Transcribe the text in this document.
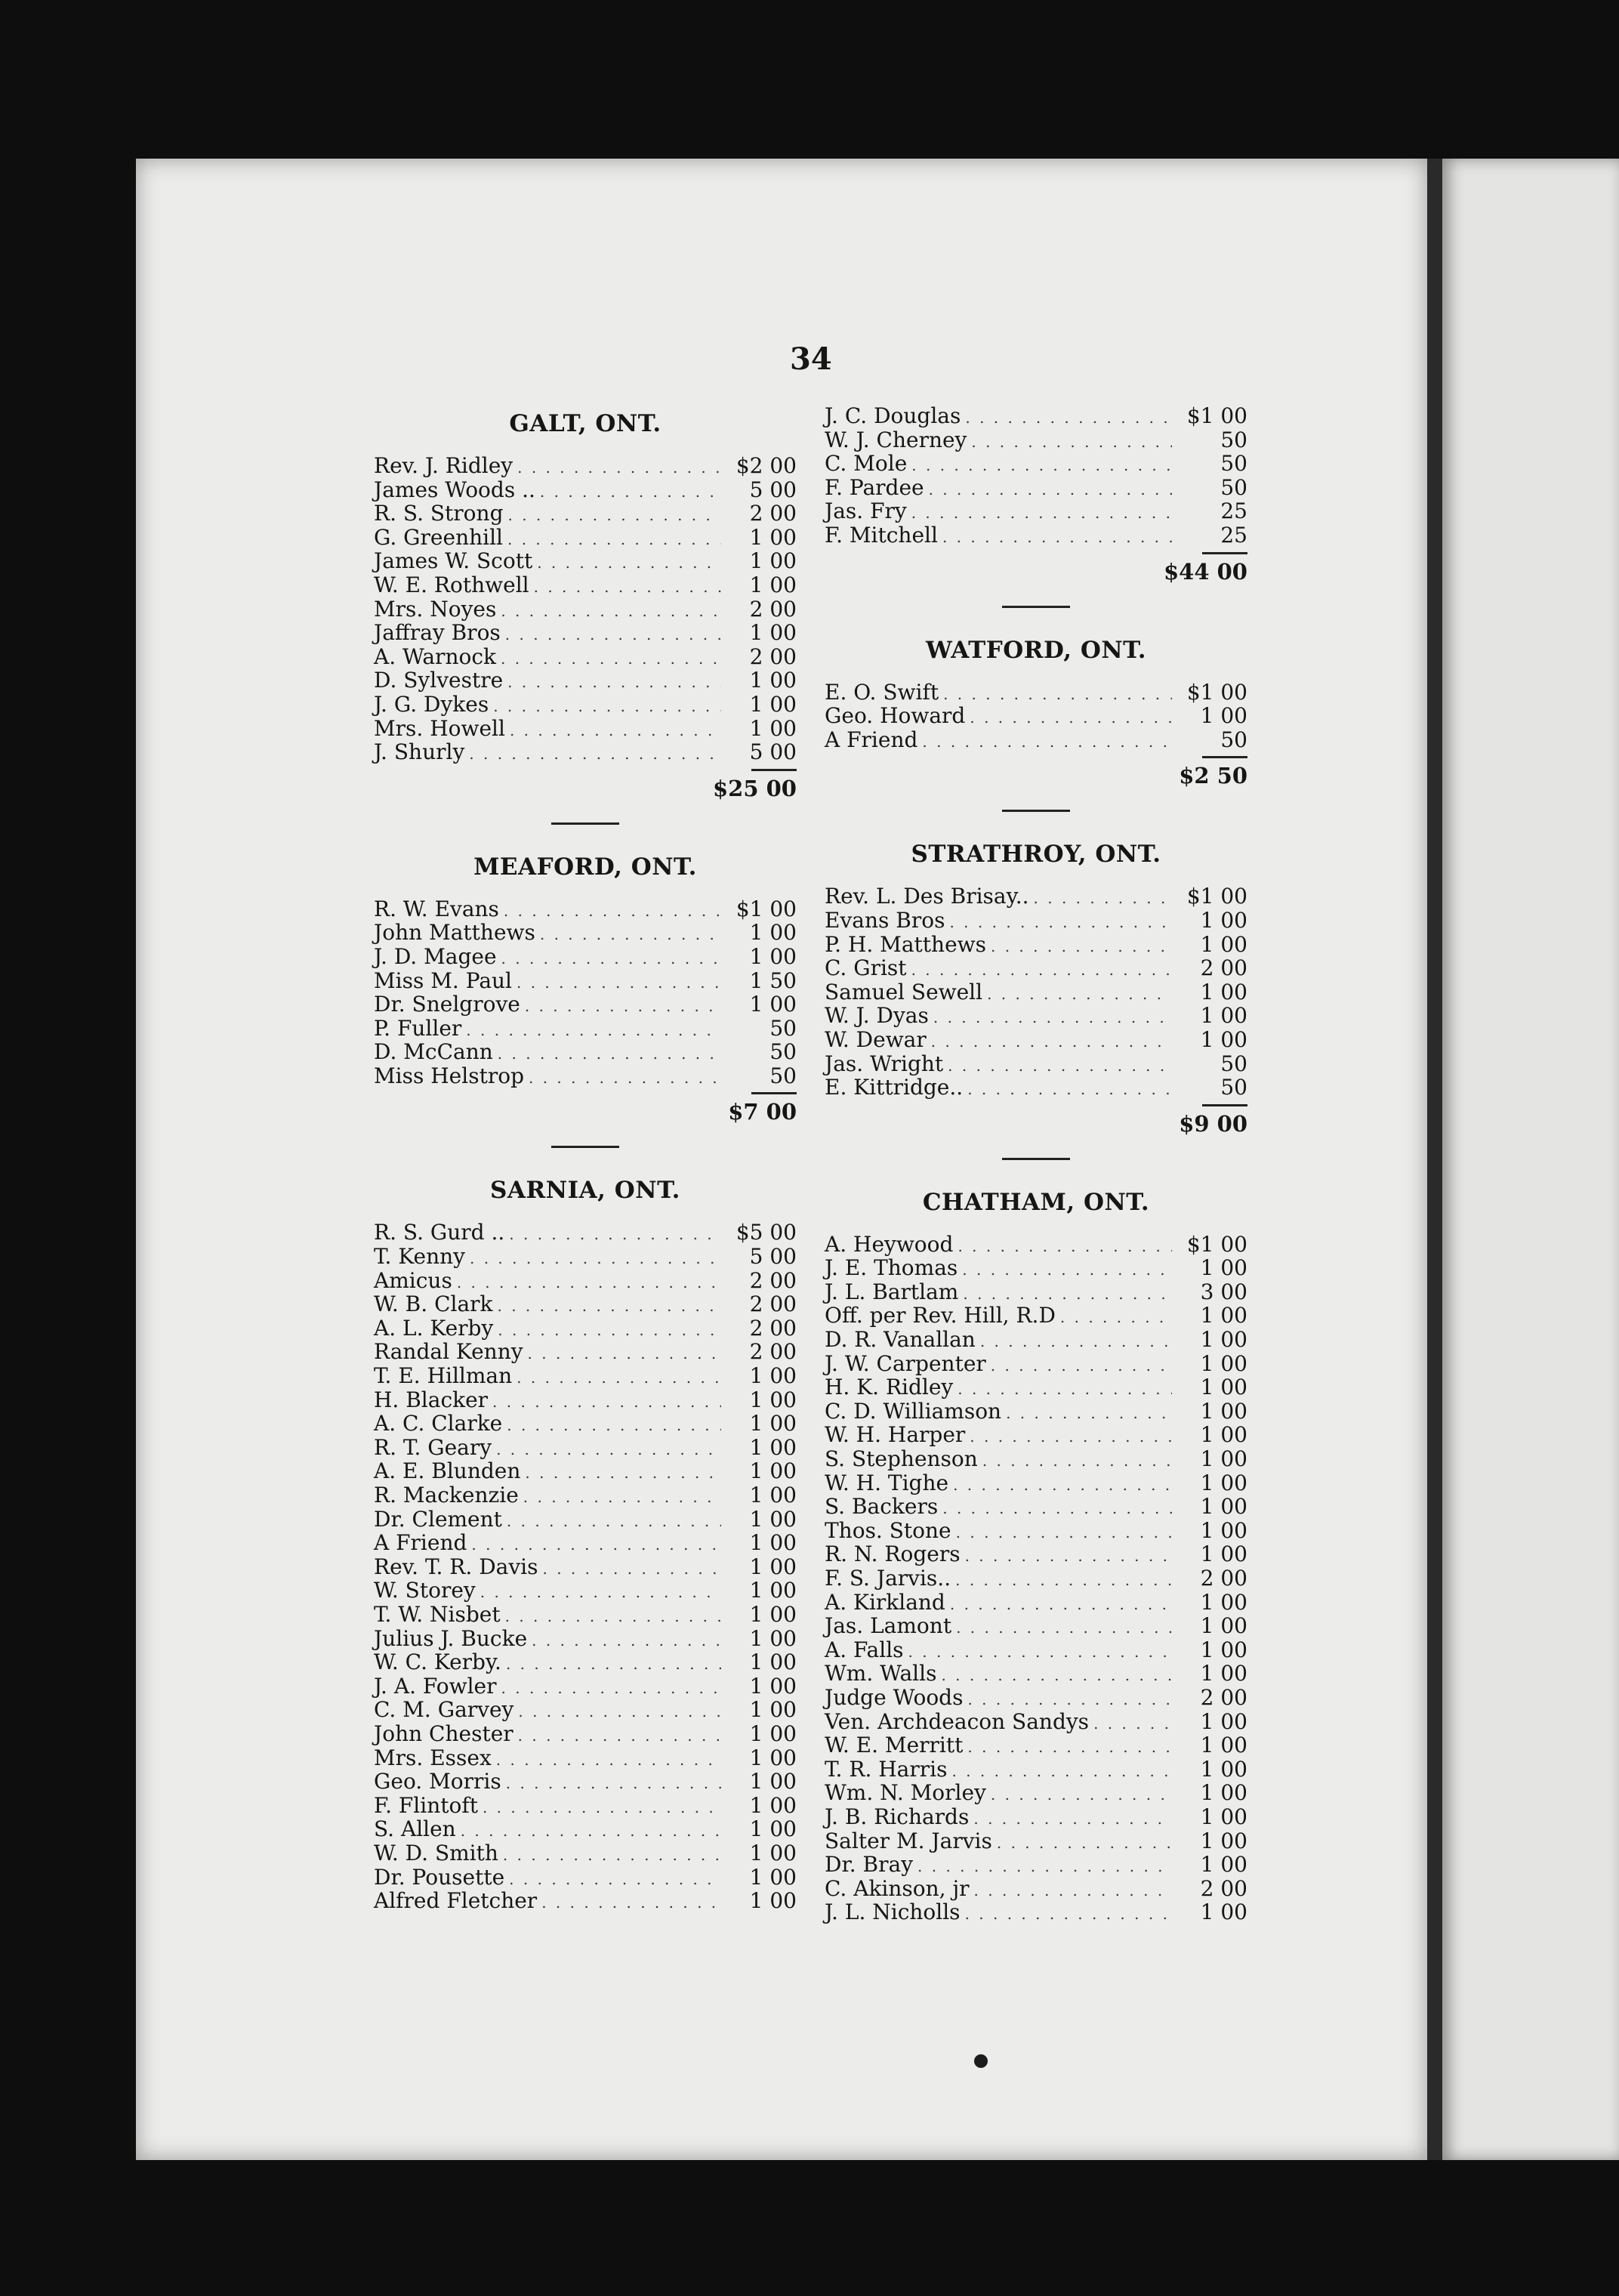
34
GALT, ONT.
Rev. J. Ridley . . .	$2 00
James Woods .. . . .	5 00
R. S. Strong . . .	2 00
G. Greenhill . . .	1 00
James W. Scott . . .	1 00
W. E. Rothwell . . .	1 00
Mrs. Noyes . . .	2 00
Jaffray Bros . . .	1 00
A. Warnock . . .	2 00
D. Sylvestre . . .	1 00
J. G. Dykes . . .	1 00
Mrs. Howell . . .	1 00
J. Shurly . . .	5 00
$25 00
MEAFORD, ONT.
R. W. Evans . . .	$1 00
John Matthews . . .	1 00
J. D. Magee . . .	1 00
Miss M. Paul . . .	1 50
Dr. Snelgrove . . .	1 00
P. Fuller . . .	50
D. McCann . . .	50
Miss Helstrop . . .	50
$7 00
SARNIA, ONT.
R. S. Gurd .. . . .	$5 00
T. Kenny . . .	5 00
Amicus . . .	2 00
W. B. Clark . . .	2 00
A. L. Kerby . . .	2 00
Randal Kenny . . .	2 00
T. E. Hillman . . .	1 00
H. Blacker . . .	1 00
A. C. Clarke . . .	1 00
R. T. Geary . . .	1 00
A. E. Blunden . . .	1 00
R. Mackenzie . . .	1 00
Dr. Clement . . .	1 00
A Friend . . .	1 00
Rev. T. R. Davis . . .	1 00
W. Storey . . .	1 00
T. W. Nisbet . . .	1 00
Julius J. Bucke . . .	1 00
W. C. Kerby. . . .	1 00
J. A. Fowler . . .	1 00
C. M. Garvey . . .	1 00
John Chester . . .	1 00
Mrs. Essex . . .	1 00
Geo. Morris . . .	1 00
F. Flintoft . . .	1 00
S. Allen . . .	1 00
W. D. Smith . . .	1 00
Dr. Pousette . . .	1 00
Alfred Fletcher . . .	1 00
J. C. Douglas . . .	$1 00
W. J. Cherney . . .	50
C. Mole . . .	50
F. Pardee . . .	50
Jas. Fry . . .	25
F. Mitchell . . .	25
$44 00
WATFORD, ONT.
E. O. Swift . . .	$1 00
Geo. Howard . . .	1 00
A Friend . . .	50
$2 50
STRATHROY, ONT.
Rev. L. Des Brisay.. . . .	$1 00
Evans Bros . . .	1 00
P. H. Matthews . . .	1 00
C. Grist . . .	2 00
Samuel Sewell . . .	1 00
W. J. Dyas . . .	1 00
W. Dewar . . .	1 00
Jas. Wright . . .	50
E. Kittridge.. . . .	50
$9 00
CHATHAM, ONT.
A. Heywood . . .	$1 00
J. E. Thomas . . .	1 00
J. L. Bartlam . . .	3 00
Off. per Rev. Hill, R.D . . .	1 00
D. R. Vanallan . . .	1 00
J. W. Carpenter . . .	1 00
H. K. Ridley . . .	1 00
C. D. Williamson . . .	1 00
W. H. Harper . . .	1 00
S. Stephenson . . .	1 00
W. H. Tighe . . .	1 00
S. Backers . . .	1 00
Thos. Stone . . .	1 00
R. N. Rogers . . .	1 00
F. S. Jarvis.. . . .	2 00
A. Kirkland . . .	1 00
Jas. Lamont . . .	1 00
A. Falls . . .	1 00
Wm. Walls . . .	1 00
Judge Woods . . .	2 00
Ven. Archdeacon Sandys . . .	1 00
W. E. Merritt . . .	1 00
T. R. Harris . . .	1 00
Wm. N. Morley . . .	1 00
J. B. Richards . . .	1 00
Salter M. Jarvis . . .	1 00
Dr. Bray . . .	1 00
C. Akinson, jr . . .	2 00
J. L. Nicholls . . .	1 00
